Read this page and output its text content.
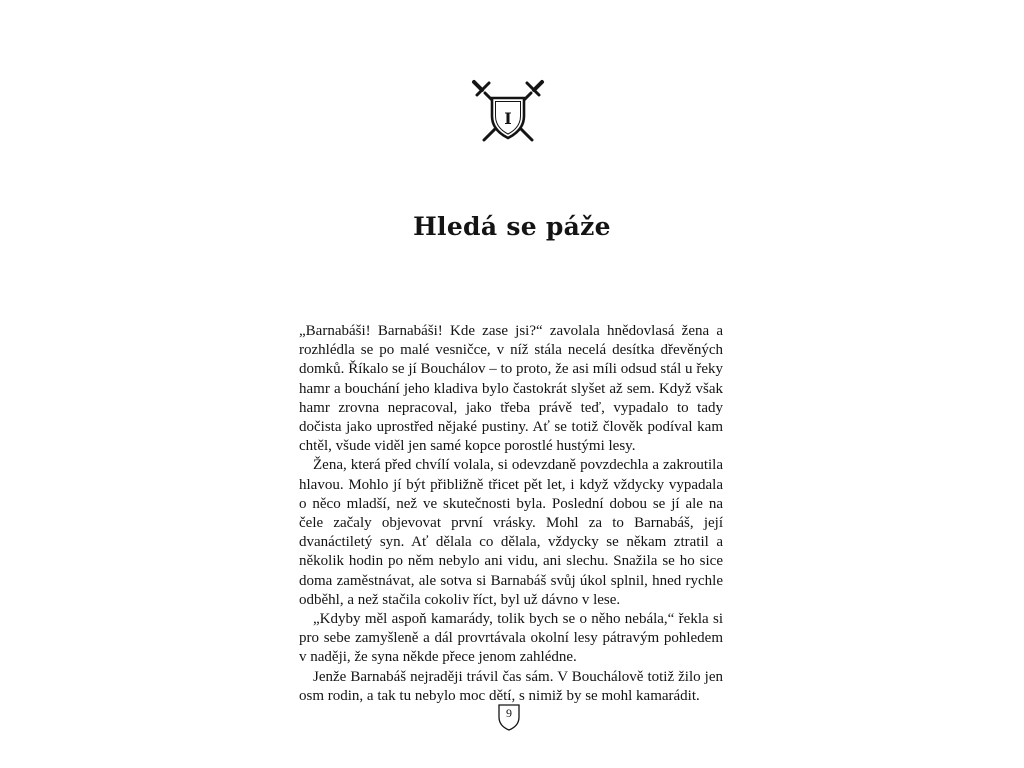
I
Hledá se páže

„Barnabáši! Barnabáši! Kde zase jsi?“ zavolala hnědovlasá žena a rozhlédla se po malé vesničce, v níž stála necelá desítka dřevěných domků. Říkalo se jí Bouchálov – to proto, že asi míli odsud stál u řeky hamr a bouchání jeho kladiva bylo častokrát slyšet až sem. Když však hamr zrovna nepracoval, jako třeba právě teď, vypadalo to tady dočista jako uprostřed nějaké pustiny. Ať se totiž člověk podíval kam chtěl, všude viděl jen samé kopce porostlé hustými lesy.

Žena, která před chvílí volala, si odevzdaně povzdechla a zakroutila hlavou. Mohlo jí být přibližně třicet pět let, i když vždycky vypadala o něco mladší, než ve skutečnosti byla. Poslední dobou se jí ale na čele začaly objevovat první vrásky. Mohl za to Barnabáš, její dvanáctiletý syn. Ať dělala co dělala, vždycky se někam ztratil a několik hodin po něm nebylo ani vidu, ani slechu. Snažila se ho sice doma zaměstnávat, ale sotva si Barnabáš svůj úkol splnil, hned rychle odběhl, a než stačila cokoliv říct, byl už dávno v lese.

„Kdyby měl aspoň kamarády, tolik bych se o něho nebála,“ řekla si pro sebe zamyšleně a dál provrtávala okolní lesy pátravým pohledem v naději, že syna někde přece jenom zahlédne.

Jenže Barnabáš nejraději trávil čas sám. V Bouchálově totiž žilo jen osm rodin, a tak tu nebylo moc dětí, s nimiž by se mohl kamarádit.

9
